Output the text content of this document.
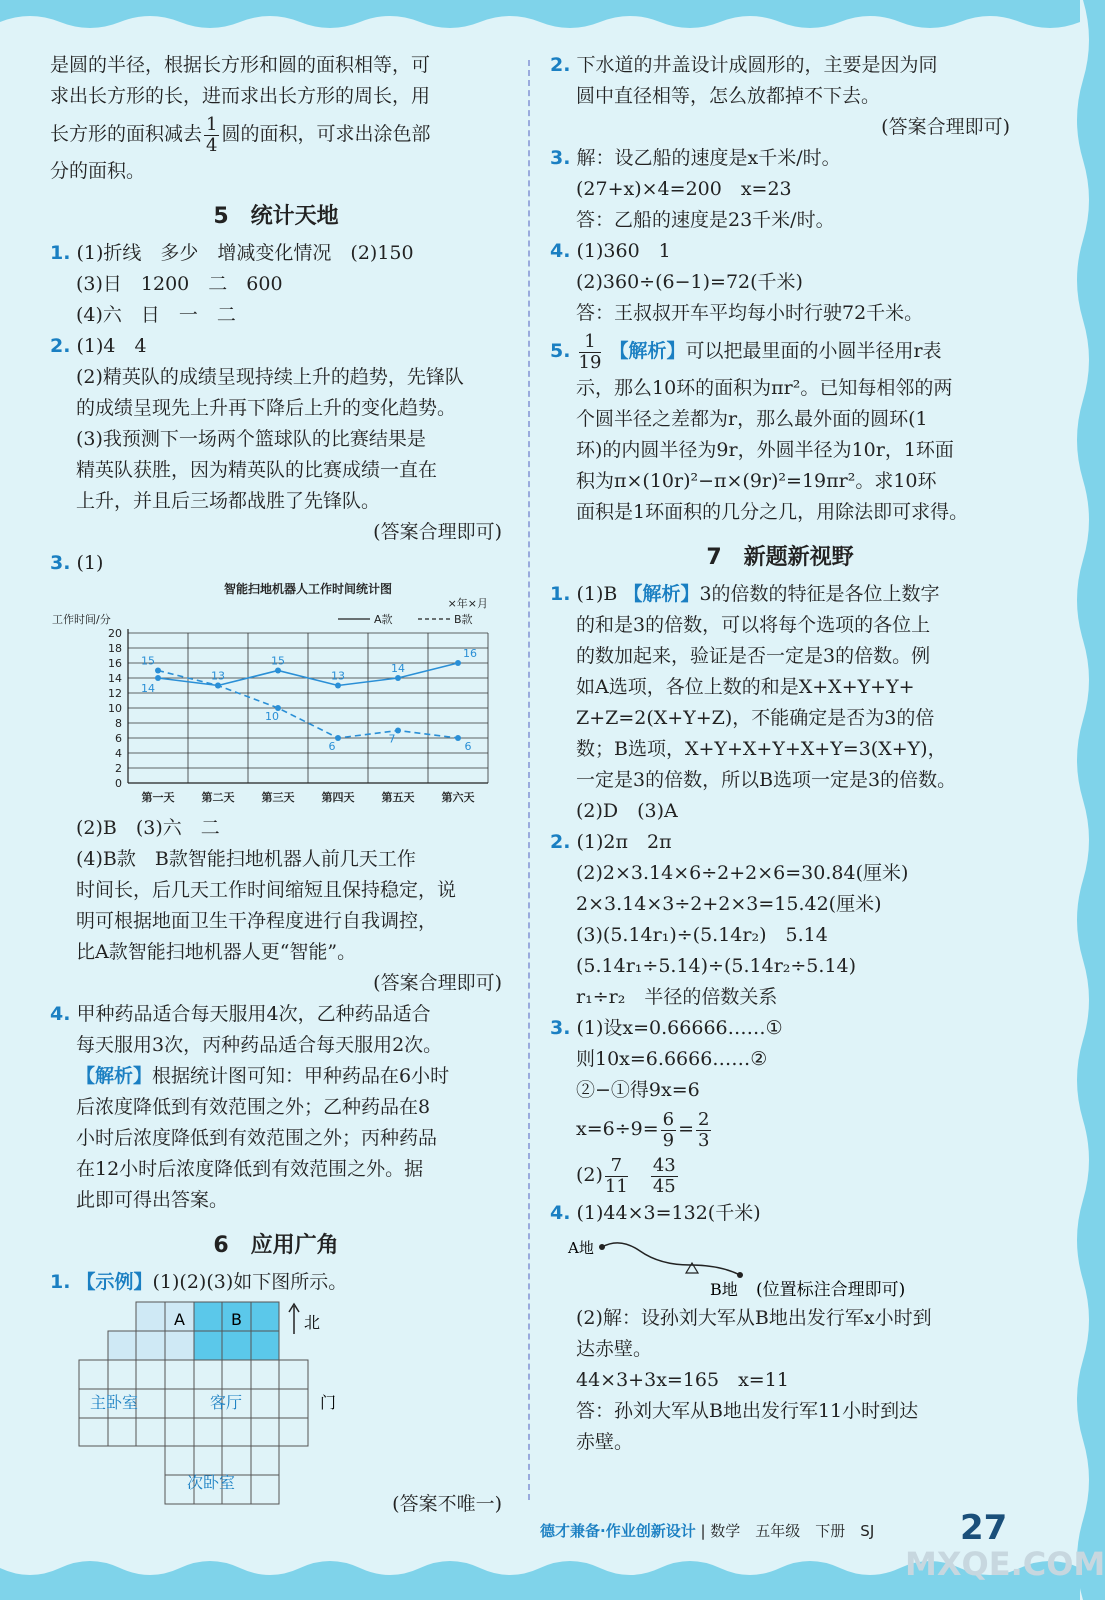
是圆的半径，根据长方形和圆的面积相等，可

求出长方形的长，进而求出长方形的周长，用

长方形的面积减去 $\frac{1}{4}$ 圆的面积，可求出涂色部

分的面积。

5　统计天地

1. (1)折线　多少　增减变化情况　(2)150

(3)日　1200　二　600

(4)六　日　一　二

2. (1)4　4

(2)精英队的成绩呈现持续上升的趋势，先锋队

的成绩呈现先上升再下降后上升的变化趋势。

(3)我预测下一场两个篮球队的比赛结果是

精英队获胜，因为精英队的比赛成绩一直在

上升，并且后三场都战胜了先锋队。

(答案合理即可)

3. (1)

智能扫地机器人工作时间统计图
×年×月
工作时间/分	A款	B款
0
2
4
6
8
10
12
14
16
18
20
第一天 第二天 第三天 第四天 第五天 第六天
14
13
15
13
14
16
15
10
6
7
6

(2)B　(3)六　二

(4)B款　B款智能扫地机器人前几天工作

时间长，后几天工作时间缩短且保持稳定，说

明可根据地面卫生干净程度进行自我调控，

比A款智能扫地机器人更“智能”。

(答案合理即可)

4. 甲种药品适合每天服用4次，乙种药品适合

每天服用3次，丙种药品适合每天服用2次。

【解析】根据统计图可知：甲种药品在6小时

后浓度降低到有效范围之外；乙种药品在8

小时后浓度降低到有效范围之外；丙种药品

在12小时后浓度降低到有效范围之外。据

此即可得出答案。

6　应用广角

1. 【示例】(1)(2)(3)如下图所示。

A	B
主卧室	客厅
次卧室
门
北

(答案不唯一)

2. 下水道的井盖设计成圆形的，主要是因为同

圆中直径相等，怎么放都掉不下去。

(答案合理即可)

3. 解：设乙船的速度是x千米/时。

(27+x)×4=200　x=23

答：乙船的速度是23千米/时。

4. (1)360　1

(2)360÷(6−1)=72(千米)

答：王叔叔开车平均每小时行驶72千米。

5. $\frac{1}{19}$ 【解析】可以把最里面的小圆半径用r表

示，那么10环的面积为πr²。已知每相邻的两

个圆半径之差都为r，那么最外面的圆环(1

环)的内圆半径为9r，外圆半径为10r，1环面

积为π×(10r)²−π×(9r)²=19πr²。求10环

面积是1环面积的几分之几，用除法即可求得。

7　新题新视野

1. (1)B 【解析】3的倍数的特征是各位上数字

的和是3的倍数，可以将每个选项的各位上

的数加起来，验证是否一定是3的倍数。例

如A选项，各位上数的和是X+X+Y+Y+

Z+Z=2(X+Y+Z)，不能确定是否为3的倍

数；B选项，X+Y+X+Y+X+Y=3(X+Y)，

一定是3的倍数，所以B选项一定是3的倍数。

(2)D　(3)A

2. (1)2π　2π

(2)2×3.14×6÷2+2×6=30.84(厘米)

2×3.14×3÷2+2×3=15.42(厘米)

(3)(5.14r₁)÷(5.14r₂)　5.14

(5.14r₁÷5.14)÷(5.14r₂÷5.14)

r₁÷r₂　半径的倍数关系

3. (1)设x=0.66666……①

则10x=6.6666……②

②−①得9x=6

$x=6\div 9= \frac{6}{9} = \frac{2}{3}$

$(2) \frac{7}{11}$
　 $\frac{43}{45}$

4. (1)44×3=132(千米)

A地
B地 (位置标注合理即可)

(2)解：设孙刘大军从B地出发行军x小时到

达赤壁。

44×3+3x=165　x=11

答：孙刘大军从B地出发行军11小时到达

赤壁。

德才兼备·作业创新设计 | 数学　五年级　下册　SJ	27
MXQE.COM
